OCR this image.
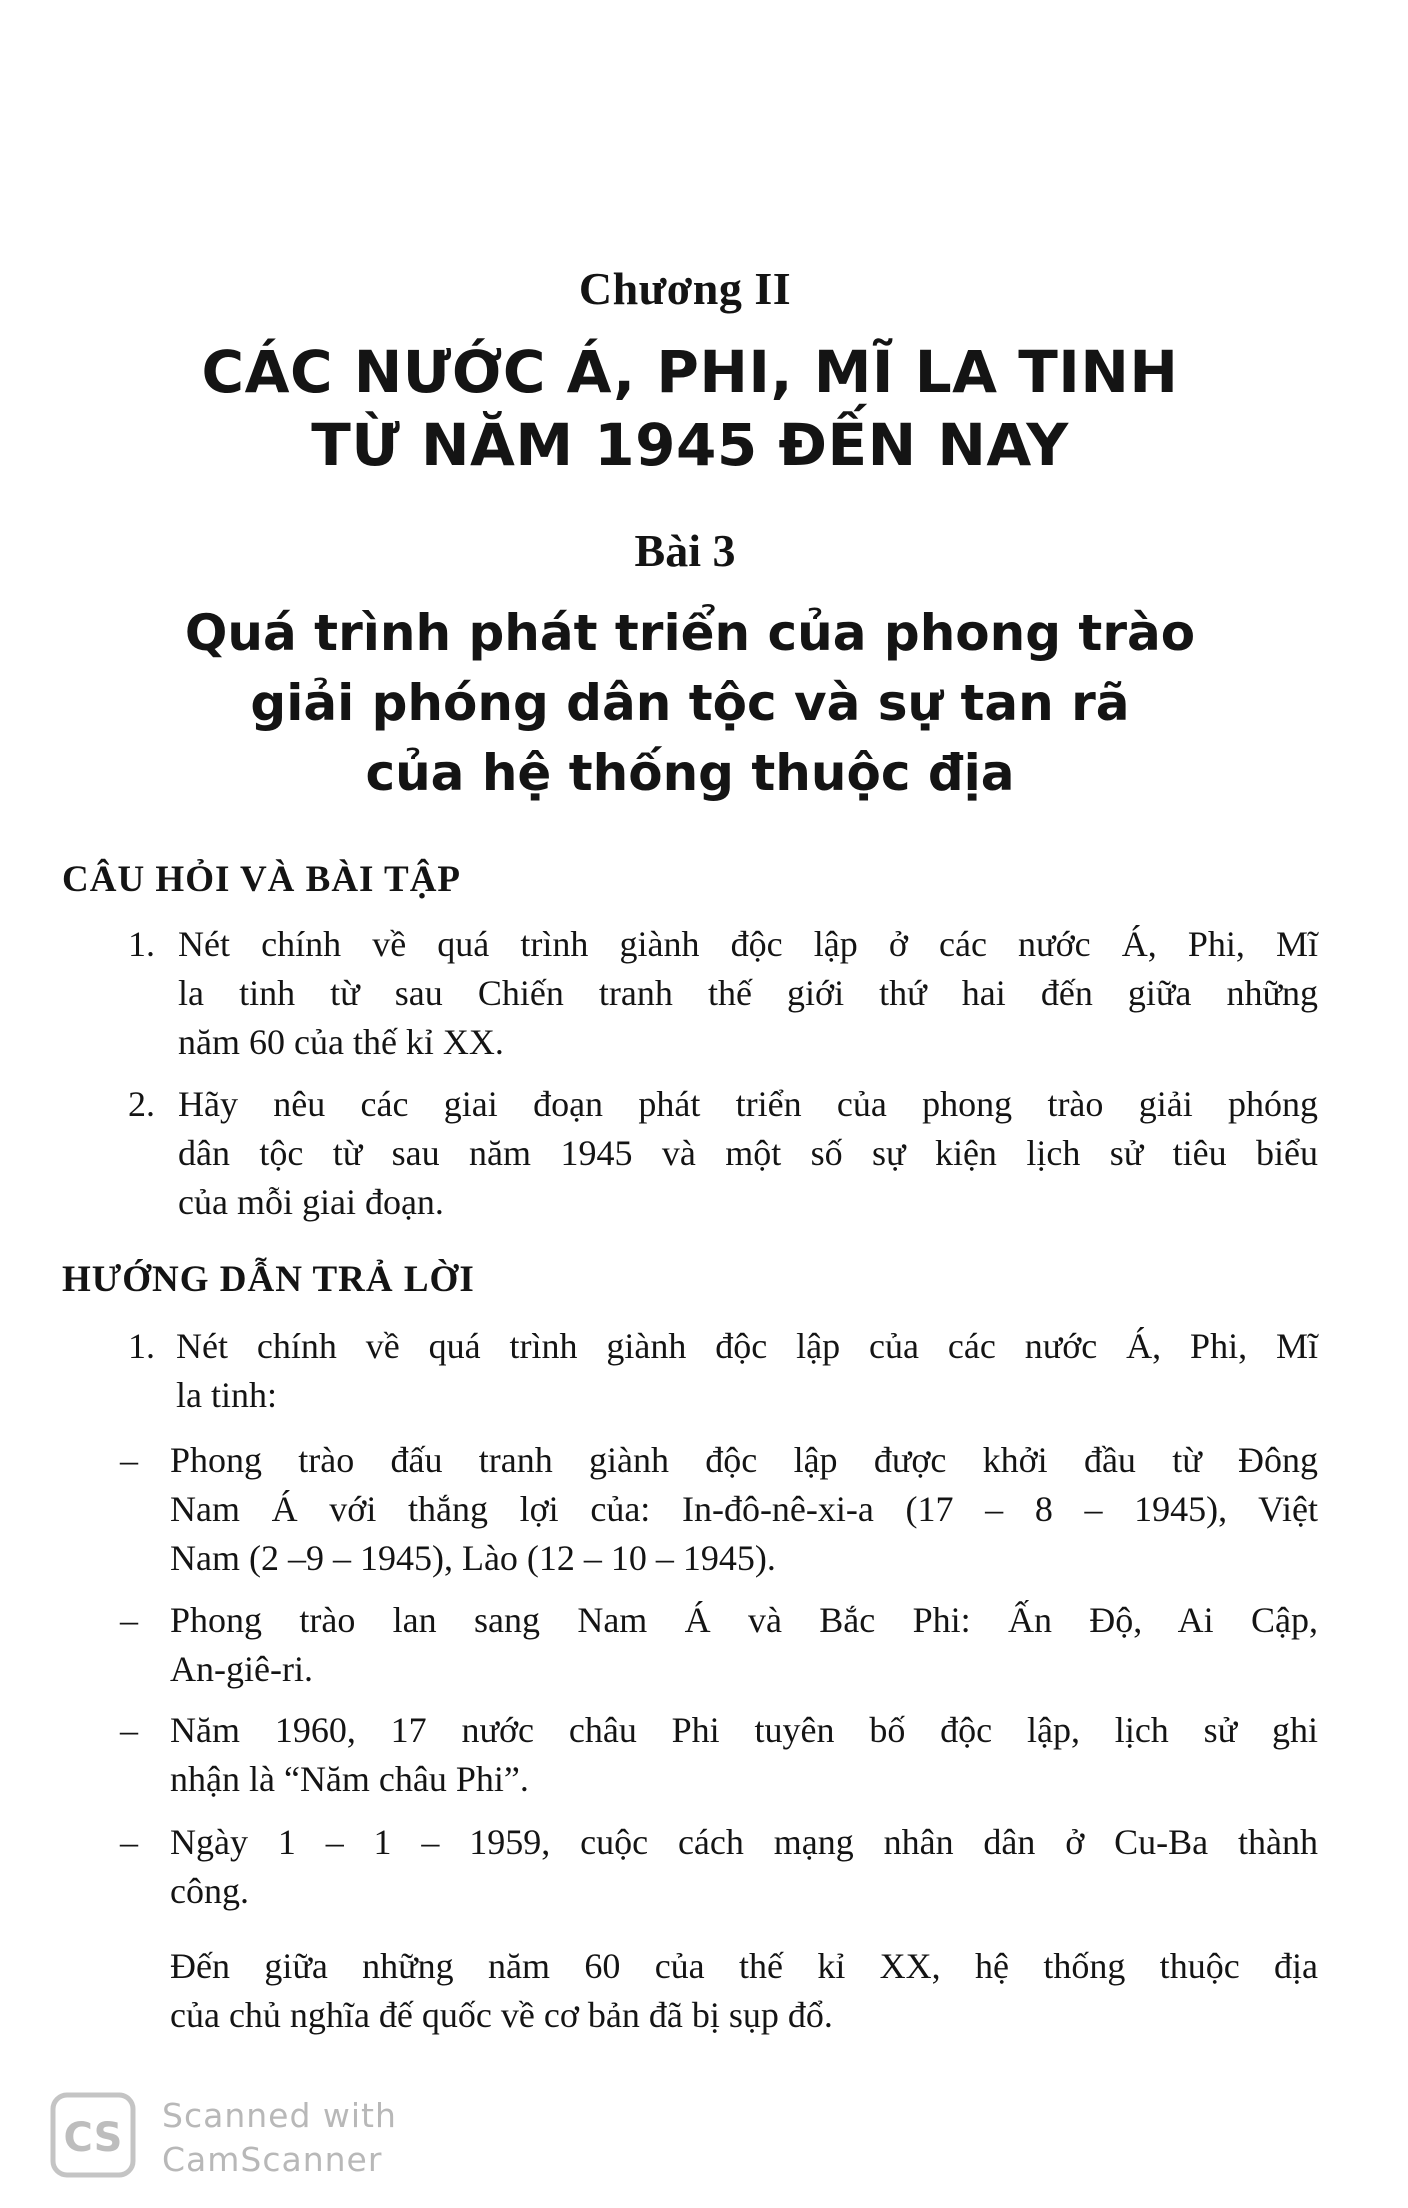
Chương II
CÁC NƯỚC Á, PHI, MĨ LA TINH
TỪ NĂM 1945 ĐẾN NAY
Bài 3
Quá trình phát triển của phong trào
giải phóng dân tộc và sự tan rã
của hệ thống thuộc địa
CÂU HỎI VÀ BÀI TẬP
1. Nét chính về quá trình giành độc lập ở các nước Á, Phi, Mĩ
la tinh từ sau Chiến tranh thế giới thứ hai đến giữa những
năm 60 của thế kỉ XX.
2. Hãy nêu các giai đoạn phát triển của phong trào giải phóng
dân tộc từ sau năm 1945 và một số sự kiện lịch sử tiêu biểu
của mỗi giai đoạn.
HƯỚNG DẪN TRẢ LỜI
1. Nét chính về quá trình giành độc lập của các nước Á, Phi, Mĩ
la tinh:
– Phong trào đấu tranh giành độc lập được khởi đầu từ Đông
Nam Á với thắng lợi của: In-đô-nê-xi-a (17 – 8 – 1945), Việt
Nam (2 –9 – 1945), Lào (12 – 10 – 1945).
– Phong trào lan sang Nam Á và Bắc Phi: Ấn Độ, Ai Cập,
An-giê-ri.
– Năm 1960, 17 nước châu Phi tuyên bố độc lập, lịch sử ghi
nhận là “Năm châu Phi”.
– Ngày 1 – 1 – 1959, cuộc cách mạng nhân dân ở Cu-Ba thành
công.
Đến giữa những năm 60 của thế kỉ XX, hệ thống thuộc địa
của chủ nghĩa đế quốc về cơ bản đã bị sụp đổ.
CS Scanned with
CamScanner
